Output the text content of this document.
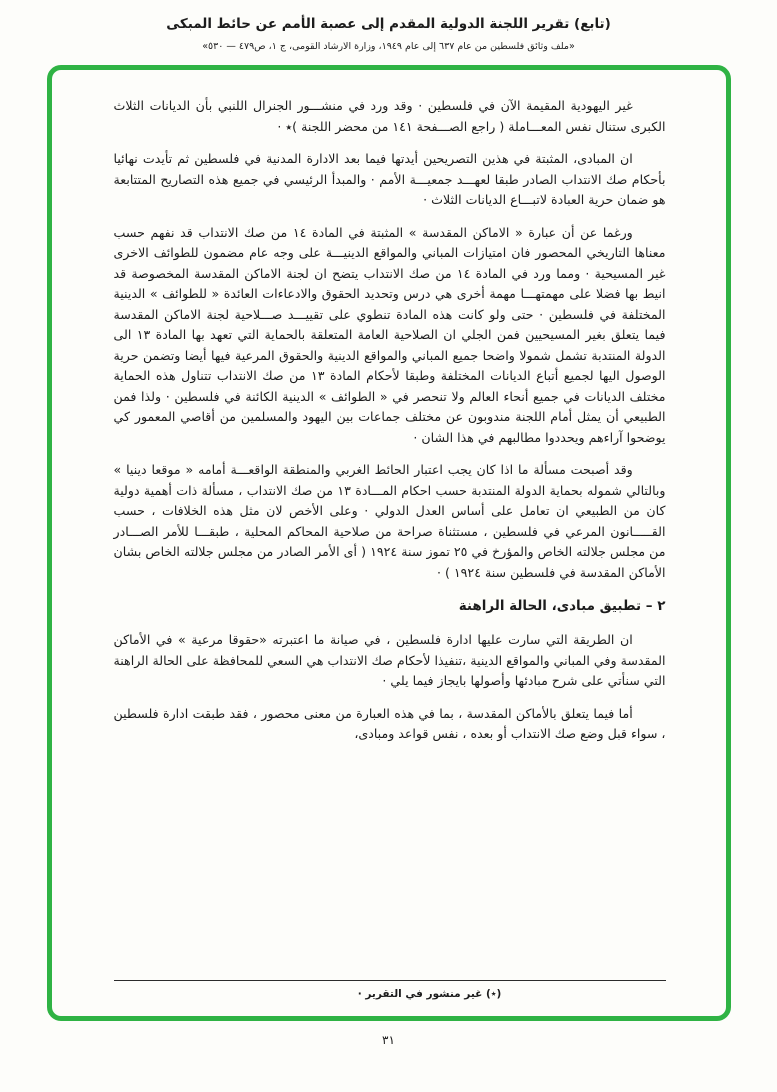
(تابع) تقرير اللجنة الدولية المقدم إلى عصبة الأمم عن حائط المبكى
«ملف وثائق فلسطين من عام ٦٣٧ إلى عام ١٩٤٩، وزارة الارشاد القومى، ج ١، ص٤٧٩ — ٥٣٠»

غير اليهودية المقيمة الآن في فلسطين · وقد ورد في منشـــور الجنرال اللنبي بأن الديانات الثلاث الكبرى ستنال نفس المعـــاملة ( راجع الصـــفحة ١٤١ من محضر اللجنة )٭ ·

ان المبادى، المثبتة في هذين التصريحين أيدتها فيما بعد الادارة المدنية في فلسطين ثم تأيدت نهائيا بأحكام صك الانتداب الصادر طبقا لعهـــد جمعيـــة الأمم · والمبدأ الرئيسي في جميع هذه التصاريح المتتابعة هو ضمان حرية العبادة لاتبـــاع الديانات الثلاث ·

ورغما عن أن عبارة « الاماكن المقدسة » المثبتة في المادة ١٤ من صك الانتداب قد نفهم حسب معناها التاريخي المحصور فان امتيازات المباني والمواقع الدينيـــة على وجه عام مضمون للطوائف الاخرى غير المسيحية · ومما ورد في المادة ١٤ من صك الانتداب يتضح ان لجنة الاماكن المقدسة المخصوصة قد انيط بها فضلا على مهمتهـــا مهمة أخرى هي درس وتحديد الحقوق والادعاءات العائدة « للطوائف » الدينية المختلفة في فلسطين · حتى ولو كانت هذه المادة تنطوي على تقييـــد صـــلاحية لجنة الاماكن المقدسة فيما يتعلق بغير المسيحيين فمن الجلي ان الصلاحية العامة المتعلقة بالحماية التي تعهد بها المادة ١٣ الى الدولة المنتدبة تشمل شمولا واضحا جميع المباني والمواقع الدينية والحقوق المرعية فيها أيضا وتضمن حرية الوصول اليها لجميع أتباع الديانات المختلفة وطبقا لأحكام المادة ١٣ من صك الانتداب تتناول هذه الحماية مختلف الديانات في جميع أنحاء العالم ولا تنحصر في « الطوائف » الدينية الكائنة في فلسطين · ولذا فمن الطبيعي أن يمثل أمام اللجنة مندوبون عن مختلف جماعات بين اليهود والمسلمين من أقاصي المعمور كي يوضحوا آراءهم ويحددوا مطالبهم في هذا الشان ·

وقد أصبحت مسألة ما اذا كان يجب اعتبار الحائط الغربي والمنطقة الواقعـــة أمامه « موقعا دينيا » وبالتالي شموله بحماية الدولة المنتدبة حسب احكام المـــادة ١٣ من صك الانتداب ، مسألة ذات أهمية دولية كان من الطبيعي ان تعامل على أساس العدل الدولي · وعلى الأخص لان مثل هذه الخلافات ، حسب القـــــانون المرعي في فلسطين ، مستثناة صراحة من صلاحية المحاكم المحلية ، طبقـــا للأمر الصـــادر من مجلس جلالته الخاص والمؤرخ في ٢٥ تموز سنة ١٩٢٤ ( أى الأمر الصادر من مجلس جلالته الخاص بشان الأماكن المقدسة في فلسطين سنة ١٩٢٤ ) ·

٢ – تطبيق مبادى، الحالة الراهنة

ان الطريقة التي سارت عليها ادارة فلسطين ، في صيانة ما اعتبرته «حقوقا مرعية » في الأماكن المقدسة وفي المباني والمواقع الدينية ،تنفيذا لأحكام صك الانتداب هي السعي للمحافظة على الحالة الراهنة التي سنأتي على شرح مبادئها وأصولها بايجاز فيما يلي ·

أما فيما يتعلق بالأماكن المقدسة ، بما في هذه العبارة من معنى محصور ، فقد طبقت ادارة فلسطين ، سواء قبل وضع صك الانتداب أو بعده ، نفس قواعد ومبادى،

(٭) غير منشور في التقرير ·
٣١
